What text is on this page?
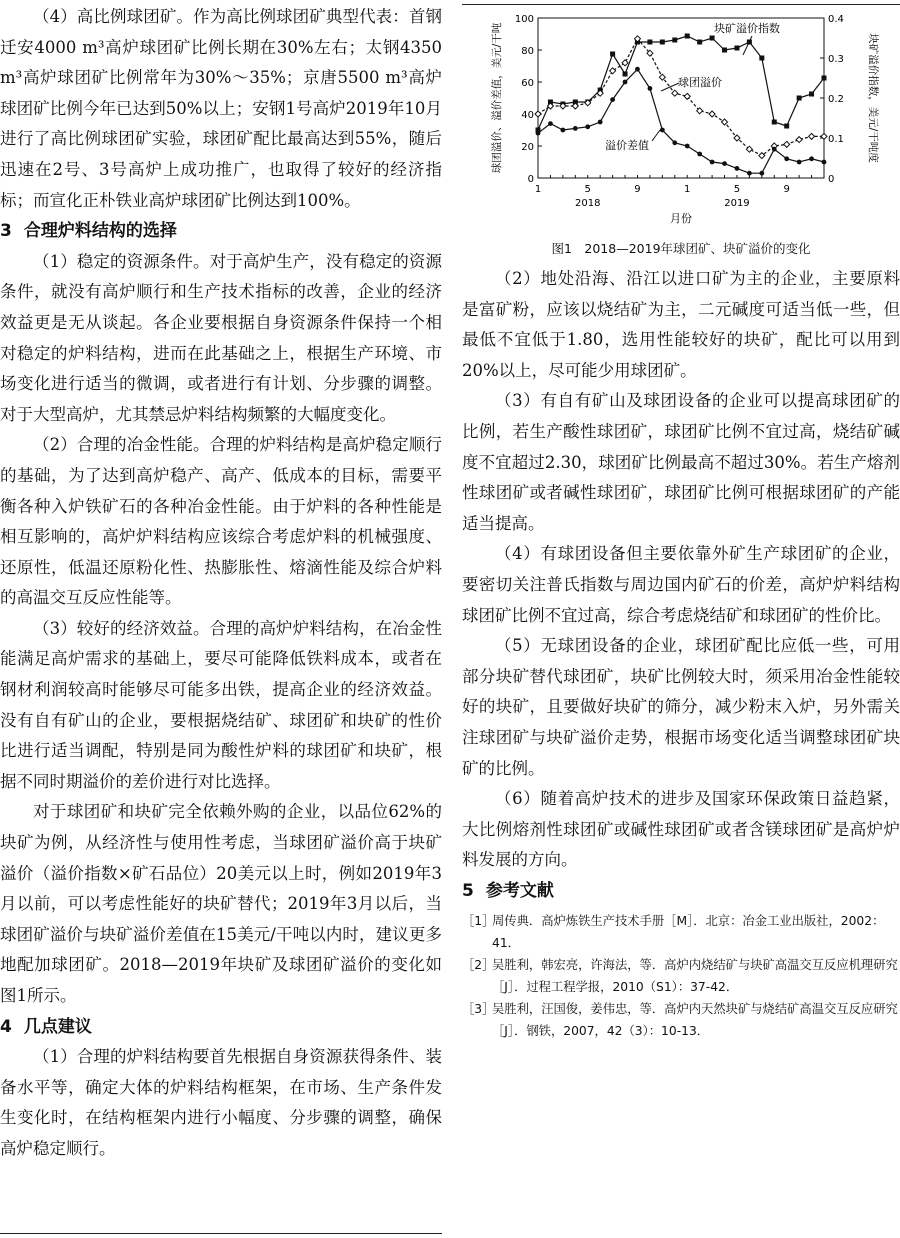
（4）高比例球团矿。作为高比例球团矿典型代表：首钢迁安4000 m³高炉球团矿比例长期在30%左右；太钢4350 m³高炉球团矿比例常年为30%～35%；京唐5500 m³高炉球团矿比例今年已达到50%以上；安钢1号高炉2019年10月进行了高比例球团矿实验，球团矿配比最高达到55%，随后迅速在2号、3号高炉上成功推广，也取得了较好的经济指标；而宣化正朴铁业高炉球团矿比例达到100%。

3 合理炉料结构的选择

（1）稳定的资源条件。对于高炉生产，没有稳定的资源条件，就没有高炉顺行和生产技术指标的改善，企业的经济效益更是无从谈起。各企业要根据自身资源条件保持一个相对稳定的炉料结构，进而在此基础之上，根据生产环境、市场变化进行适当的微调，或者进行有计划、分步骤的调整。对于大型高炉，尤其禁忌炉料结构频繁的大幅度变化。

（2）合理的冶金性能。合理的炉料结构是高炉稳定顺行的基础，为了达到高炉稳产、高产、低成本的目标，需要平衡各种入炉铁矿石的各种冶金性能。由于炉料的各种性能是相互影响的，高炉炉料结构应该综合考虑炉料的机械强度、还原性，低温还原粉化性、热膨胀性、熔滴性能及综合炉料的高温交互反应性能等。

（3）较好的经济效益。合理的高炉炉料结构，在冶金性能满足高炉需求的基础上，要尽可能降低铁料成本，或者在钢材利润较高时能够尽可能多出铁，提高企业的经济效益。没有自有矿山的企业，要根据烧结矿、球团矿和块矿的性价比进行适当调配，特别是同为酸性炉料的球团矿和块矿，根据不同时期溢价的差价进行对比选择。

对于球团矿和块矿完全依赖外购的企业，以品位62%的块矿为例，从经济性与使用性考虑，当球团矿溢价高于块矿溢价（溢价指数×矿石品位）20美元以上时，例如2019年3月以前，可以考虑性能好的块矿替代；2019年3月以后，当球团矿溢价与块矿溢价差值在15美元/干吨以内时，建议更多地配加球团矿。2018—2019年块矿及球团矿溢价的变化如图1所示。

4 几点建议

（1）合理的炉料结构要首先根据自身资源获得条件、装备水平等，确定大体的炉料结构框架，在市场、生产条件发生变化时，在结构框架内进行小幅度、分步骤的调整，确保高炉稳定顺行。

0
20
40
60
80
100
0
0.1
0.2
0.3
0.4
1	5	9	1	5	9
2018	2019
月份
球团溢价、溢价差值，美元/干吨	块矿溢价指数，美元/干吨度
块矿溢价指数
球团溢价
溢价差值
图1　2018—2019年球团矿、块矿溢价的变化

（2）地处沿海、沿江以进口矿为主的企业，主要原料是富矿粉，应该以烧结矿为主，二元碱度可适当低一些，但最低不宜低于1.80，选用性能较好的块矿，配比可以用到20%以上，尽可能少用球团矿。

（3）有自有矿山及球团设备的企业可以提高球团矿的比例，若生产酸性球团矿，球团矿比例不宜过高，烧结矿碱度不宜超过2.30，球团矿比例最高不超过30%。若生产熔剂性球团矿或者碱性球团矿，球团矿比例可根据球团矿的产能适当提高。

（4）有球团设备但主要依靠外矿生产球团矿的企业，要密切关注普氏指数与周边国内矿石的价差，高炉炉料结构球团矿比例不宜过高，综合考虑烧结矿和球团矿的性价比。

（5）无球团设备的企业，球团矿配比应低一些，可用部分块矿替代球团矿，块矿比例较大时，须采用冶金性能较好的块矿，且要做好块矿的筛分，减少粉末入炉，另外需关注球团矿与块矿溢价走势，根据市场变化适当调整球团矿块矿的比例。

（6）随着高炉技术的进步及国家环保政策日益趋紧，大比例熔剂性球团矿或碱性球团矿或者含镁球团矿是高炉炉料发展的方向。

5 参考文献
［1］
周传典．高炉炼铁生产技术手册［M］．北京：冶金工业出版社，2002：41．
［2］
吴胜利，韩宏亮，许海法，等．高炉内烧结矿与块矿高温交互反应机理研究［J］．过程工程学报，2010（S1）：37-42．
［3］
吴胜利，汪国俊，姜伟忠，等．高炉内天然块矿与烧结矿高温交互反应研究［J］．钢铁，2007，42（3）：10-13．
